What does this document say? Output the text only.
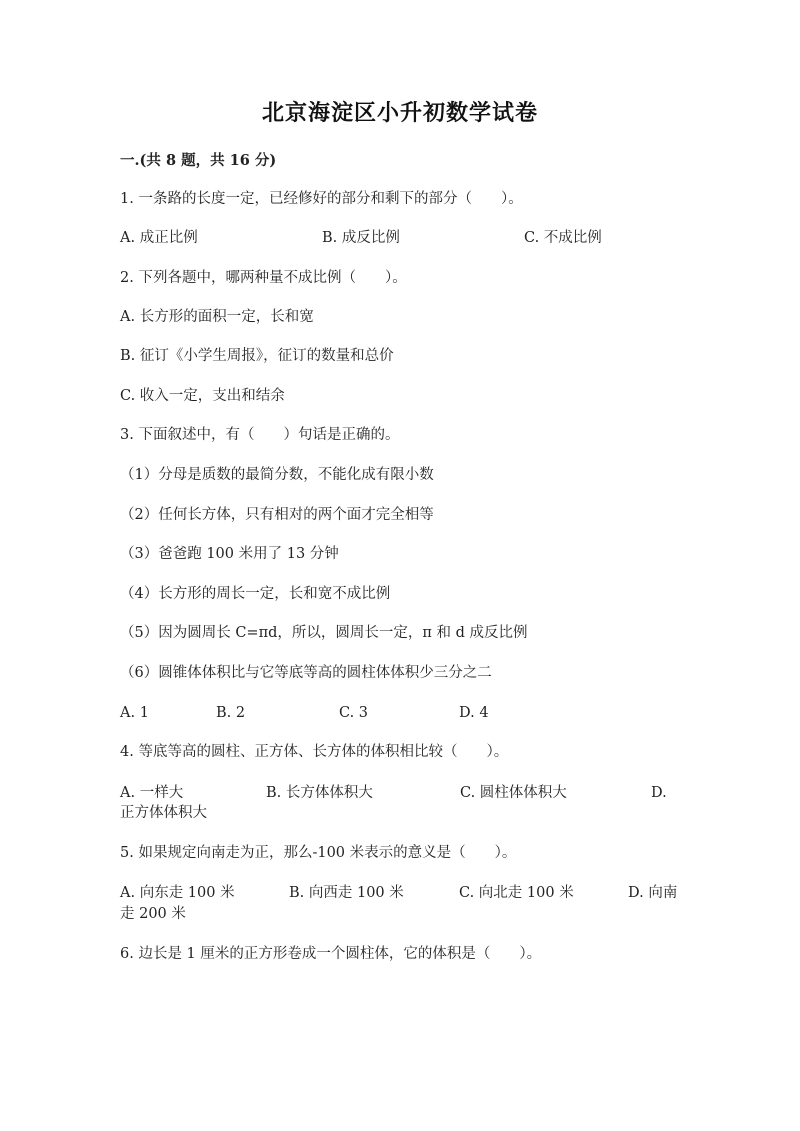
北京海淀区小升初数学试卷
一.(共 8 题，共 16 分)
1. 一条路的长度一定，已经修好的部分和剩下的部分（　　）。
A. 成正比例	B. 成反比例	C. 不成比例
2. 下列各题中，哪两种量不成比例（　　）。
A. 长方形的面积一定，长和宽
B. 征订《小学生周报》，征订的数量和总价
C. 收入一定，支出和结余
3. 下面叙述中，有（　　）句话是正确的。
（1）分母是质数的最简分数，不能化成有限小数
（2）任何长方体，只有相对的两个面才完全相等
（3）爸爸跑 100 米用了 13 分钟
（4）长方形的周长一定，长和宽不成比例
（5）因为圆周长 C=πd，所以，圆周长一定，π 和 d 成反比例
（6）圆锥体体积比与它等底等高的圆柱体体积少三分之二
A. 1	B. 2	C. 3	D. 4
4. 等底等高的圆柱、正方体、长方体的体积相比较（　　）。
A. 一样大	B. 长方体体积大	C. 圆柱体体积大	D.
正方体体积大
5. 如果规定向南走为正，那么-100 米表示的意义是（　　）。
A. 向东走 100 米	B. 向西走 100 米	C. 向北走 100 米	D. 向南
走 200 米
6. 边长是 1 厘米的正方形卷成一个圆柱体，它的体积是（　　）。
